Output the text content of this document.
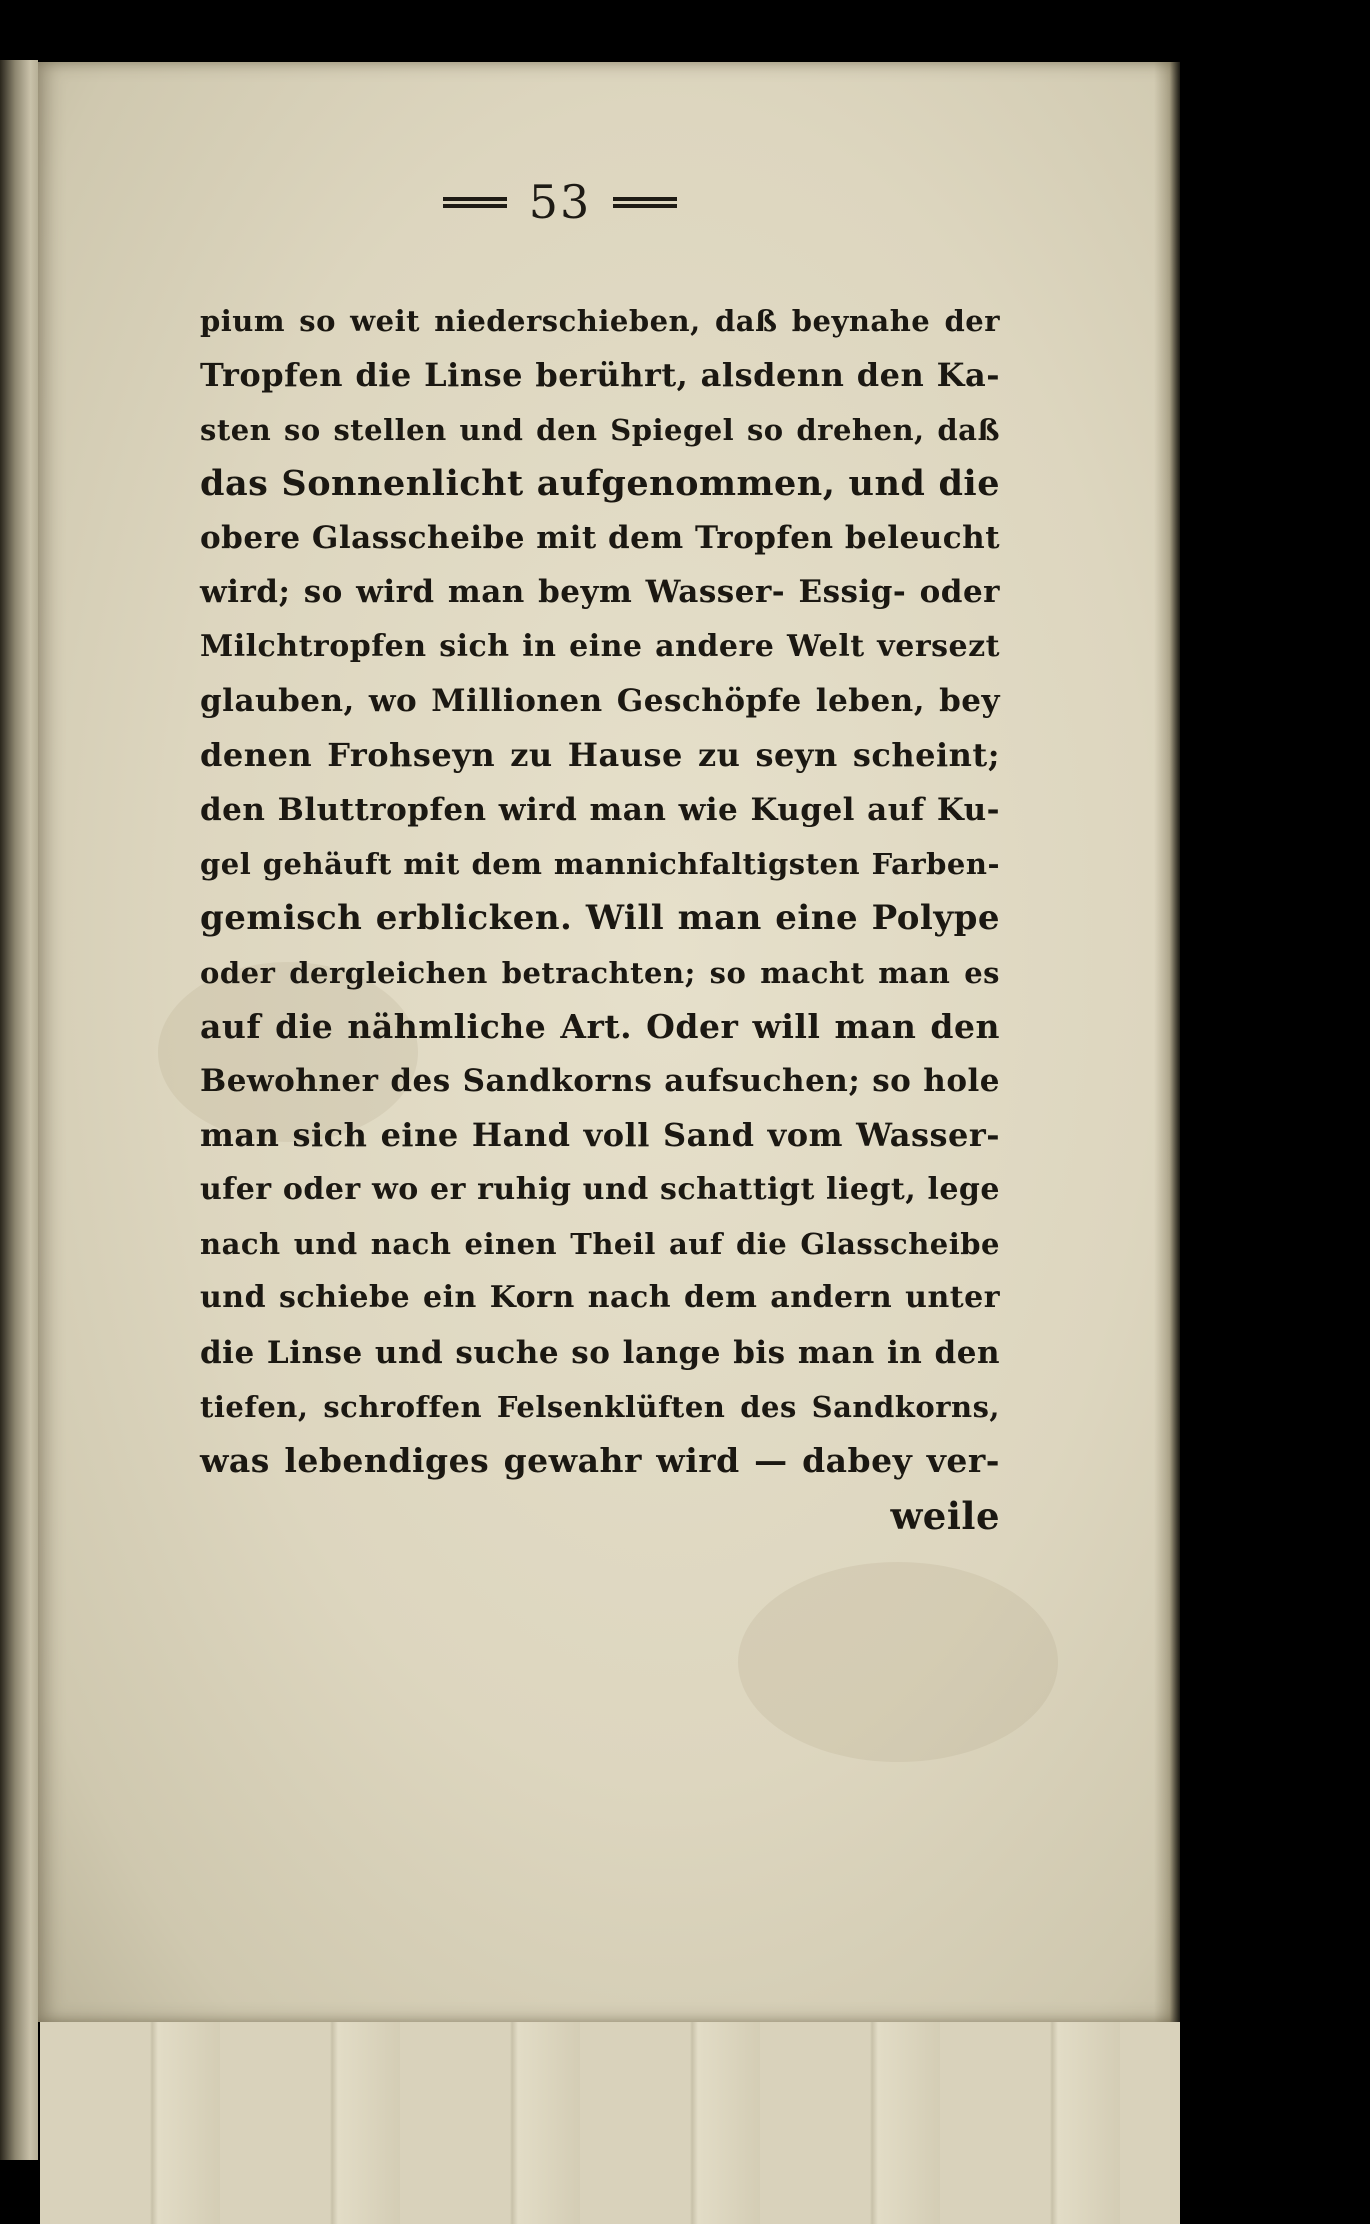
53
pium so weit niederschieben, daß beynahe der
Tropfen die Linse berührt, alsdenn den Ka-
sten so stellen und den Spiegel so drehen, daß
das Sonnenlicht aufgenommen, und die
obere Glasscheibe mit dem Tropfen beleucht
wird; so wird man beym Wasser- Essig- oder
Milchtropfen sich in eine andere Welt versezt
glauben, wo Millionen Geschöpfe leben, bey
denen Frohseyn zu Hause zu seyn scheint;
den Bluttropfen wird man wie Kugel auf Ku-
gel gehäuft mit dem mannichfaltigsten Farben-
gemisch erblicken. Will man eine Polype
oder dergleichen betrachten; so macht man es
auf die nähmliche Art. Oder will man den
Bewohner des Sandkorns aufsuchen; so hole
man sich eine Hand voll Sand vom Wasser-
ufer oder wo er ruhig und schattigt liegt, lege
nach und nach einen Theil auf die Glasscheibe
und schiebe ein Korn nach dem andern unter
die Linse und suche so lange bis man in den
tiefen, schroffen Felsenklüften des Sandkorns,
was lebendiges gewahr wird — dabey ver-
weile
